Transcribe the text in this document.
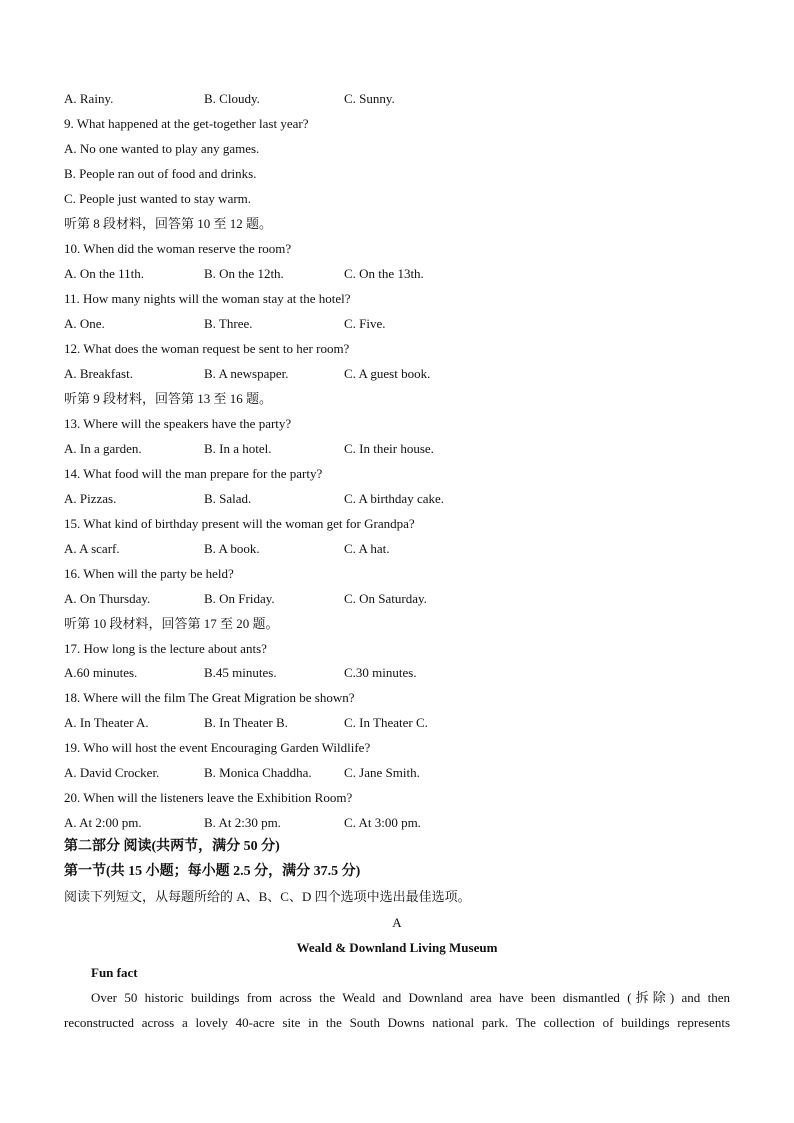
A. Rainy.	B. Cloudy.	C. Sunny.
9. What happened at the get-together last year?
A. No one wanted to play any games.
B. People ran out of food and drinks.
C. People just wanted to stay warm.
听第 8 段材料，回答第 10 至 12 题。
10. When did the woman reserve the room?
A. On the 11th.	B. On the 12th.	C. On the 13th.
11. How many nights will the woman stay at the hotel?
A. One.	B. Three.	C. Five.
12. What does the woman request be sent to her room?
A. Breakfast.	B. A newspaper.	C. A guest book.
听第 9 段材料，回答第 13 至 16 题。
13. Where will the speakers have the party?
A. In a garden.	B. In a hotel.	C. In their house.
14. What food will the man prepare for the party?
A. Pizzas.	B. Salad.	C. A birthday cake.
15. What kind of birthday present will the woman get for Grandpa?
A. A scarf.	B. A book.	C. A hat.
16. When will the party be held?
A. On Thursday.	B. On Friday.	C. On Saturday.
听第 10 段材料，回答第 17 至 20 题。
17. How long is the lecture about ants?
A.60 minutes.	B.45 minutes.	C.30 minutes.
18. Where will the film The Great Migration be shown?
A. In Theater A.	B. In Theater B.	C. In Theater C.
19. Who will host the event Encouraging Garden Wildlife?
A. David Crocker.	B. Monica Chaddha. C. Jane Smith.
20. When will the listeners leave the Exhibition Room?
A. At 2:00 pm.	B. At 2:30 pm.	C. At 3:00 pm.
第二部分 阅读(共两节，满分 50 分)
第一节(共 15 小题；每小题 2.5 分，满分 37.5 分)
阅读下列短文，从每题所给的 A、B、C、D 四个选项中选出最佳选项。
A
Weald & Downland Living Museum
Fun fact
Over 50 historic buildings from across the Weald and Downland area have been dismantled (拆除) and then
reconstructed across a lovely 40-acre site in the South Downs national park. The collection of buildings represents
